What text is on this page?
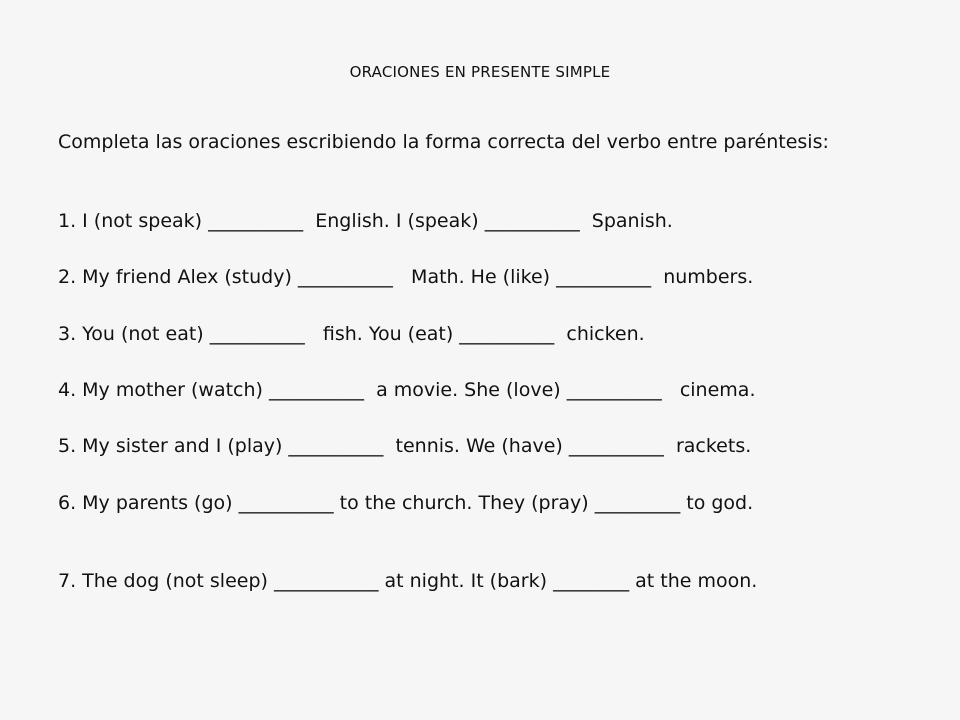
ORACIONES EN PRESENTE SIMPLE
Completa las oraciones escribiendo la forma correcta del verbo entre paréntesis:
1. I (not speak) __________  English. I (speak) __________  Spanish.
2. My friend Alex (study) __________   Math. He (like) __________  numbers.
3. You (not eat) __________   fish. You (eat) __________  chicken.
4. My mother (watch) __________  a movie. She (love) __________   cinema.
5. My sister and I (play) __________  tennis. We (have) __________  rackets.
6. My parents (go) __________ to the church. They (pray) _________ to god.
7. The dog (not sleep) ___________ at night. It (bark) ________ at the moon.
